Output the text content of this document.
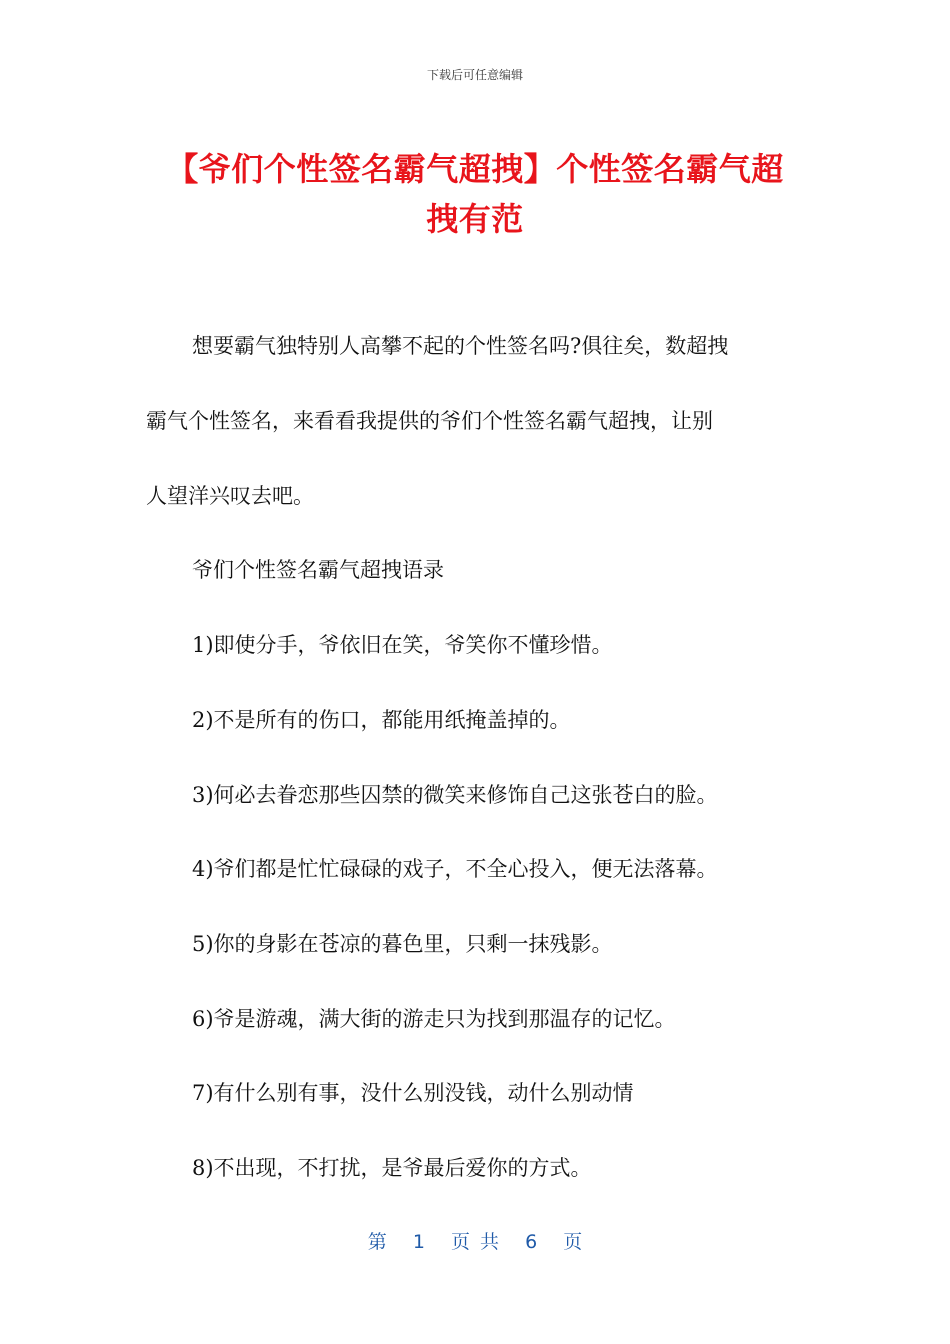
下载后可任意编辑
【爷们个性签名霸气超拽】个性签名霸气超
拽有范
想要霸气独特别人高攀不起的个性签名吗?俱往矣，数超拽
霸气个性签名，来看看我提供的爷们个性签名霸气超拽，让别
人望洋兴叹去吧。
爷们个性签名霸气超拽语录
1)即使分手，爷依旧在笑，爷笑你不懂珍惜。
2)不是所有的伤口，都能用纸掩盖掉的。
3)何必去眷恋那些囚禁的微笑来修饰自己这张苍白的脸。
4)爷们都是忙忙碌碌的戏子，不全心投入，便无法落幕。
5)你的身影在苍凉的暮色里，只剩一抹残影。
6)爷是游魂，满大街的游走只为找到那温存的记忆。
7)有什么别有事，没什么别没钱，动什么别动情
8)不出现，不打扰，是爷最后爱你的方式。
第 1 页 共 6 页
